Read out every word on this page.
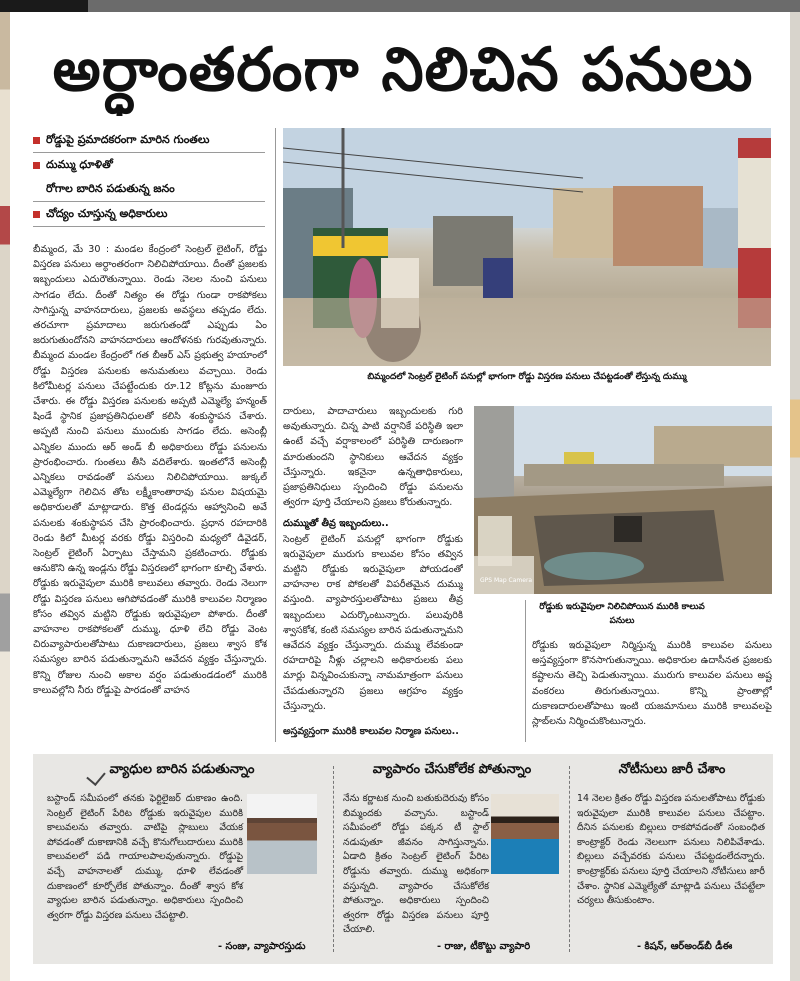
అర్ధాంతరంగా నిలిచిన పనులు
రోడ్డుపై ప్రమాదకరంగా మారిన గుంతలు
దుమ్ము ధూళితో
రోగాల బారిన పడుతున్న జనం
చోద్యం చూస్తున్న అధికారులు

బీమ్మంద, మే 30 : మండల కేంద్రంలో సెంట్రల్ లైటింగ్, రోడ్డు విస్తరణ పనులు అర్ధాంతరంగా నిలిచిపోయాయి. దీంతో ప్రజలకు ఇబ్బందులు ఎదురౌతున్నాయి. రెండు నెలల నుంచి పనులు సాగడం లేదు. దీంతో నిత్యం ఈ రోడ్డు గుండా రాకపోకలు సాగిస్తున్న వాహనదారులు, ప్రజలకు అవస్థలు తప్పడం లేదు. తరచూగా ప్రమాదాలు జరుగుతండో ఎప్పుడు ఏం జరుగుతుందోనని వాహనదారులు ఆందోళనకు గురవుతున్నారు. బీమ్మంద మండల కేంద్రంలో గత బీఆర్ ఎస్ ప్రభుత్వ హయాంలో రోడ్డు విస్తరణ పనులకు అనుమతులు వచ్చాయి. రెండు కిలోమీటర్ల పనులు చేపట్టేందుకు రూ.12 కోట్లను మంజూరు చేశారు. ఈ రోడ్డు విస్తరణ పనులకు అప్పటి ఎమ్మెల్యే హన్మంత్ షిండే స్థానిక ప్రజాప్రతినిధులతో కలిసి శంకుస్థాపన చేశారు. అప్పటి నుంచి పనులు ముందుకు సాగడం లేదు. అసెంబ్లీ ఎన్నికల ముందు ఆర్ అండ్ బీ అధికారులు రోడ్డు పనులను ప్రారంభించారు. గుంతలు తీసి వదిలేశారు. ఇంతలోనే అసెంబ్లీ ఎన్నికలు రావడంతో పనులు నిలిచిపోయాయి. జుక్కల్ ఎమ్మెల్యేగా గెలిచిన తోట లక్ష్మీకాంతారావు పనుల విషయమై అధికారులతో మాట్లాడారు. కొత్త టెండర్లను ఆహ్వానించి అవే పనులకు శంకుస్థాపన చేసి ప్రారంభించారు. ప్రధాన రహదారికి రెండు కిలో మీటర్ల వరకు రోడ్డు విస్తరించి మధ్యలో డివైడర్, సెంట్రల్ లైటింగ్ ఏర్పాటు చేస్తామని ప్రకటించారు. రోడ్డుకు ఆనుకొని ఉన్న ఇండ్లను రోడ్డు విస్తరణలో భాగంగా కూల్చి వేశారు. రోడ్డుకు ఇరువైపులా మురికి కాలువలు తవ్వారు. రెండు నెలుగా రోడ్డు విస్తరణ పనులు ఆగిపోవడంతో మురికి కాలువల నిర్మాణం కోసం తవ్విన మట్టిని రోడ్డుకు ఇరువైపులా పోశారు. దీంతో వాహనాల రాకపోకలతో దుమ్ము, ధూళి లేచి రోడ్డు వెంట చిరువ్యాపారులతోపాటు దుకాణదారులు, ప్రజలు శ్వాస కోశ సమస్యల బారిన పడుతున్నామని ఆవేదన వ్యక్తం చేస్తున్నారు. కొన్ని రోజుల నుంచి అకాల వర్షం పడుతుండడంలో మురికి కాలువల్లోని నీరు రోడ్డుపై పారడంతో వాహన

బిమ్మందలో సెంట్రల్ లైటింగ్ పనుల్లో భాగంగా రోడ్డు విస్తరణ పనులు చేపట్టడంతో లేస్తున్న దుమ్ము

దారులు, పాదాచారులు ఇబ్బందులకు గురి అవుతున్నారు. చిన్న పాటి వర్షానికే పరిస్థితి ఇలా ఉంటే వచ్చే వర్షాకాలంలో పరిస్థితి దారుణంగా మారుతుందని స్థానికులు ఆవేదన వ్యక్తం చేస్తున్నారు. ఇకనైనా ఉన్నతాధికారులు, ప్రజాప్రతినిధులు స్పందించి రోడ్డు పనులను త్వరగా పూర్తి చేయాలని ప్రజలు కోరుతున్నారు.

దుమ్ముతో తీవ్ర ఇబ్బందులు..

సెంట్రల్ లైటింగ్ పనుల్లో భాగంగా రోడ్డుకు ఇరువైపులా మురుగు కాలువల కోసం తవ్విన మట్టిని రోడ్డుకు ఇరువైపులా పోయడంతో వాహనాల రాక పోకలతో విపరీతమైన దుమ్ము వస్తుంది. వ్యాపారస్తులతోపాటు ప్రజలు తీవ్ర ఇబ్బందులు ఎదుర్కొంటున్నారు. పలువురికి శ్వాసకోశ, కంటి సమస్యల బారిన పడుతున్నామని ఆవేదన వ్యక్తం చేస్తున్నారు. దుమ్ము లేవకుండా రహదారిపై నీళ్లు చల్లాలని అధికారులకు పలు మార్లు విన్నవించుకున్నా నామమాత్రంగా పనులు చేపడుతున్నారని ప్రజలు ఆగ్రహం వ్యక్తం చేస్తున్నారు.

GPS Map Camera
రోడ్డుకు ఇరువైపులా నిలిచిపోయిన మురికి కాలువ పనులు

రోడ్డుకు ఇరువైపులా నిర్మిస్తున్న మురికి కాలువల పనులు అస్తవ్యస్తంగా కొనసాగుతున్నాయి. అధికారుల ఉదాసీనత ప్రజలకు కష్టాలను తెచ్చి పెడుతున్నాయి. మురుగు కాలువల పనులు అష్ట వంకరలు తిరుగుతున్నాయి. కొన్ని ప్రాంతాల్లో దుకాణదారులతోపాటు ఇంటి యజమానులు మురికి కాలువలపై స్లాబ్‌లను నిర్మించుకొంటున్నారు.

అస్తవ్యస్తంగా మురికి కాలువల నిర్మాణ పనులు..
వ్యాధుల బారిన పడుతున్నాం
బస్టాండ్ సమీపంలో తనకు ఫెర్టిలైజర్ దుకాణం ఉంది. సెంట్రల్ లైటింగ్ పేరిట రోడ్డుకు ఇరువైపుల మురికి కాలువలను తవ్వారు. వాటిపై స్లాబులు వేయక పోవడంతో దుకాణానికి వచ్చే కొనుగోలుదారులు మురికి కాలువలలో పడి గాయాలపాలవుతున్నారు. రోడ్డుపై వచ్చే వాహనాలతో దుమ్ము, ధూళి లేవడంతో దుకాణంలో కూర్చోలేక పోతున్నాం. దీంతో శ్వాస కోశ వ్యాధుల బారిన పడుతున్నాం. అధికారులు స్పందించి త్వరగా రోడ్డు విస్తరణ పనులు చేపట్టాలి.
- సంజు, వ్యాపారస్తుడు
వ్యాపారం చేసుకోలేక పోతున్నాం
నేను కర్ణాటక నుంచి బతుకుదెరువు కోసం బిమ్మందకు వచ్చాను. బస్టాండ్ సమీపంలో రోడ్డు పక్కన టీ స్టాల్ నడుపుతూ జీవనం సాగిస్తున్నాను. ఏడాది క్రితం సెంట్రల్ లైటింగ్ పేరిట రోడ్డును తవ్వారు. దుమ్ము అధికంగా వస్తున్నది. వ్యాపారం చేసుకోలేక పోతున్నాం. అధికారులు స్పందించి త్వరగా రోడ్డు విస్తరణ పనులు పూర్తి చేయాలి.
- రాజు, టీకొట్టు వ్యాపారి
నోటీసులు జారీ చేశాం
14 నెలల క్రితం రోడ్డు విస్తరణ పనులతోపాటు రోడ్డుకు ఇరువైపులా మురికి కాలువల పనులు చేపట్టాం. దీనిన పనులకు బిల్లులు రాకపోవడంతో సంబంధిత కాంట్రాక్టర్ రెండు నెలలుగా పనులు నిలిపివేశాడు. బిల్లులు వచ్చేవరకు పనులు చేపట్టడంలేదన్నారు. కాంట్రాక్టర్‌కు పనులు పూర్తి చేయాలని నోటీసులు జారీ చేశాం. స్థానిక ఎమ్మెల్యేతో మాట్లాడి పనులు చేపట్టేలా చర్యలు తీసుకుంటాం.
- కిషన్, ఆర్‌అండ్‌బీ డీఈ
